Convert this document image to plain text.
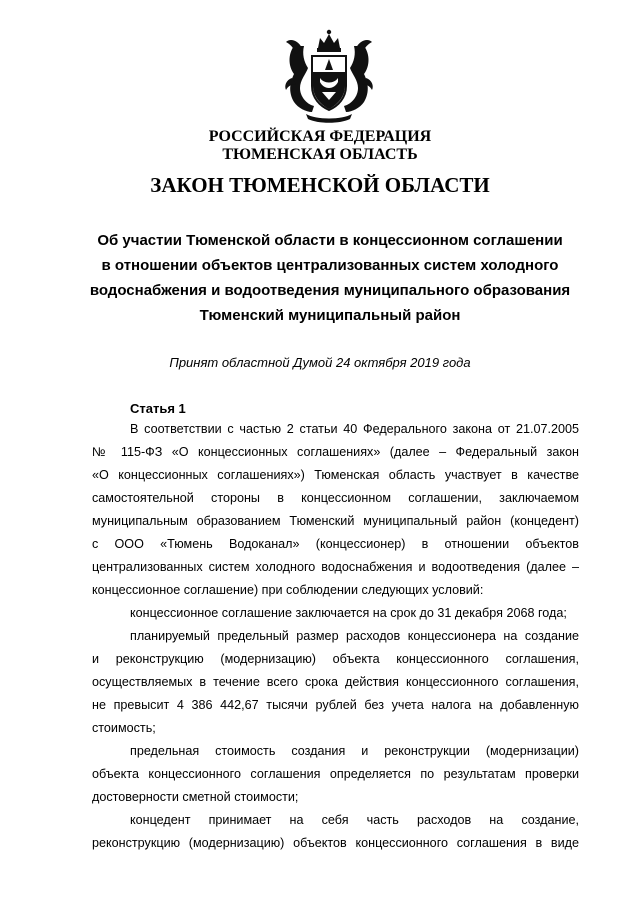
РОССИЙСКАЯ ФЕДЕРАЦИЯ
ТЮМЕНСКАЯ ОБЛАСТЬ
ЗАКОН ТЮМЕНСКОЙ ОБЛАСТИ
Об участии Тюменской области в концессионном соглашении
в отношении объектов централизованных систем холодного
водоснабжения и водоотведения муниципального образования
Тюменский муниципальный район
Принят областной Думой 24 октября 2019 года
Статья 1
В соответствии с частью 2 статьи 40 Федерального закона от 21.07.2005
№ 115-ФЗ «О концессионных соглашениях» (далее – Федеральный закон
«О концессионных соглашениях») Тюменская область участвует в качестве
самостоятельной стороны в концессионном соглашении, заключаемом
муниципальным образованием Тюменский муниципальный район (концедент)
с ООО «Тюмень Водоканал» (концессионер) в отношении объектов
централизованных систем холодного водоснабжения и водоотведения (далее –
концессионное соглашение) при соблюдении следующих условий:
концессионное соглашение заключается на срок до 31 декабря 2068 года;
планируемый предельный размер расходов концессионера на создание
и реконструкцию (модернизацию) объекта концессионного соглашения,
осуществляемых в течение всего срока действия концессионного соглашения,
не превысит 4 386 442,67 тысячи рублей без учета налога на добавленную
стоимость;
предельная стоимость создания и реконструкции (модернизации)
объекта концессионного соглашения определяется по результатам проверки
достоверности сметной стоимости;
концедент принимает на себя часть расходов на создание,
реконструкцию (модернизацию) объектов концессионного соглашения в виде
